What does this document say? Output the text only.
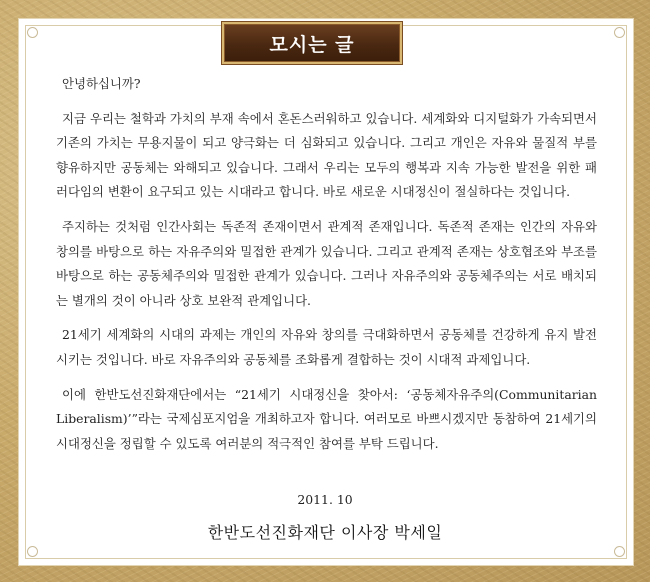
모시는 글

안녕하십니까?

지금 우리는 철학과 가치의 부재 속에서 혼돈스러워하고 있습니다. 세계화와 디지털화가 가속되면서 기존의 가치는 무용지물이 되고 양극화는 더 심화되고 있습니다. 그리고 개인은 자유와 물질적 부를 향유하지만 공동체는 와해되고 있습니다. 그래서 우리는 모두의 행복과 지속 가능한 발전을 위한 패러다임의 변환이 요구되고 있는 시대라고 합니다. 바로 새로운 시대정신이 절실하다는 것입니다.

주지하는 것처럼 인간사회는 독존적 존재이면서 관계적 존재입니다. 독존적 존재는 인간의 자유와 창의를 바탕으로 하는 자유주의와 밀접한 관계가 있습니다. 그리고 관계적 존재는 상호협조와 부조를 바탕으로 하는 공동체주의와 밀접한 관계가 있습니다. 그러나 자유주의와 공동체주의는 서로 배치되는 별개의 것이 아니라 상호 보완적 관계입니다.

21세기 세계화의 시대의 과제는 개인의 자유와 창의를 극대화하면서 공동체를 건강하게 유지 발전시키는 것입니다. 바로 자유주의와 공동체를 조화롭게 결합하는 것이 시대적 과제입니다.

이에 한반도선진화재단에서는 “21세기 시대정신을 찾아서: ‘공동체자유주의(Communitarian Liberalism)’”라는 국제심포지엄을 개최하고자 합니다. 여러모로 바쁘시겠지만 동참하여 21세기의 시대정신을 정립할 수 있도록 여러분의 적극적인 참여를 부탁 드립니다.

2011. 10
한반도선진화재단 이사장 박세일
